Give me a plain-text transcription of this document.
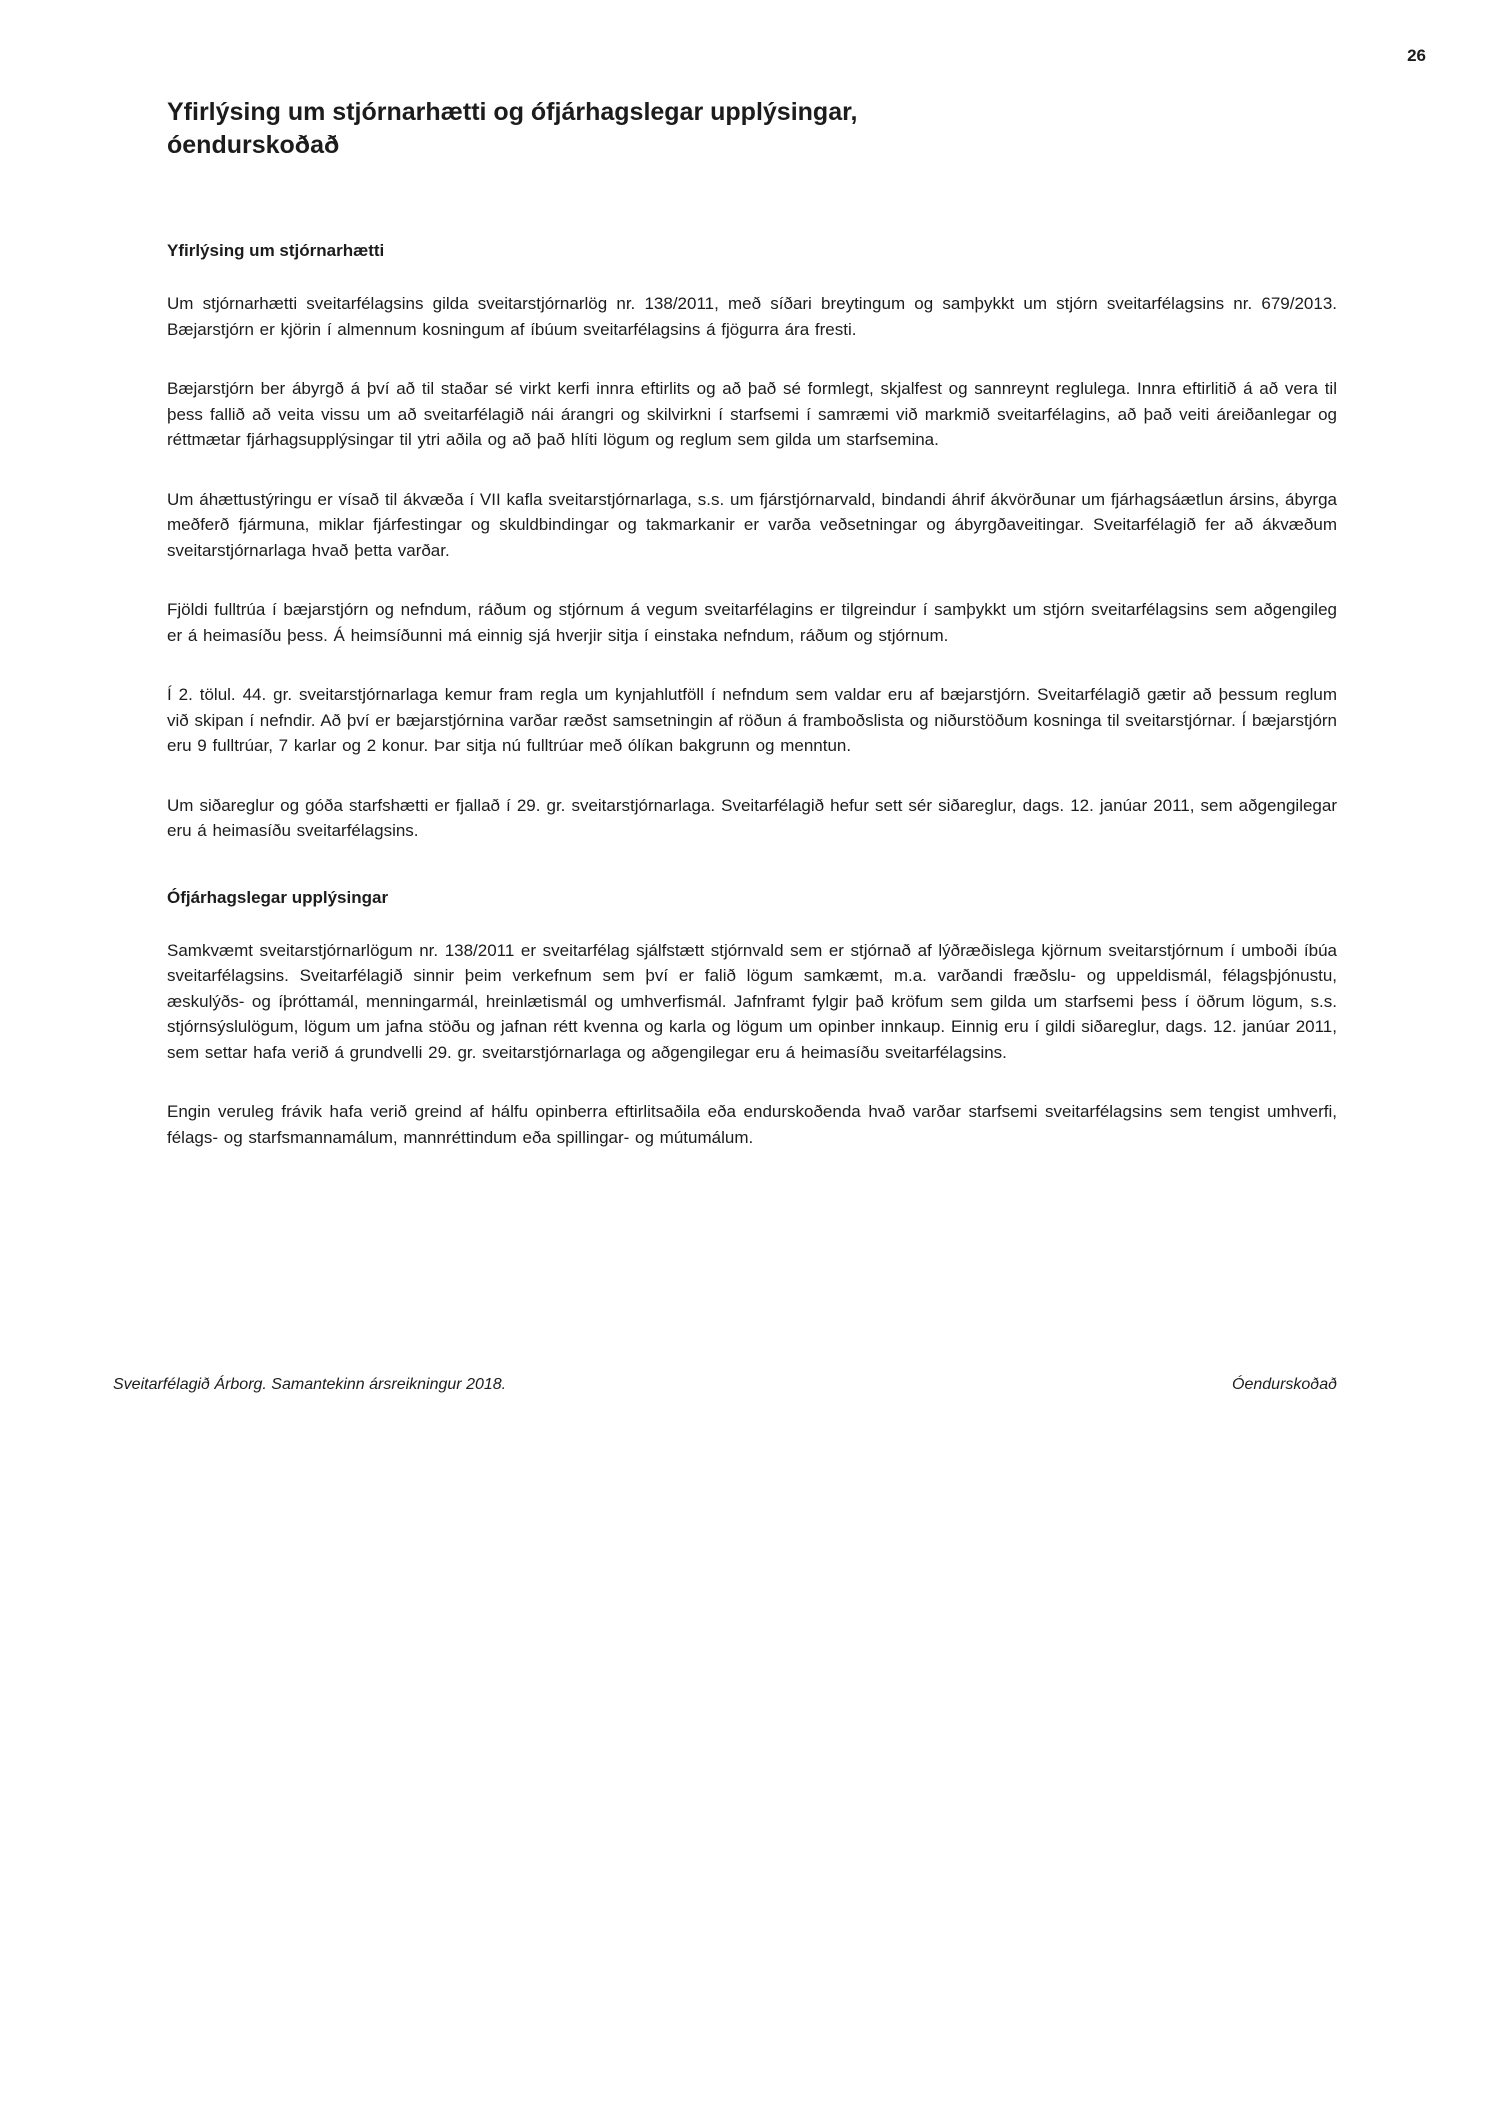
26
Yfirlýsing um stjórnarhætti og ófjárhagslegar upplýsingar, óendurskoðað
Yfirlýsing um stjórnarhætti

Um stjórnarhætti sveitarfélagsins gilda sveitarstjórnarlög nr. 138/2011, með síðari breytingum og samþykkt um stjórn sveitarfélagsins nr. 679/2013. Bæjarstjórn er kjörin í almennum kosningum af íbúum sveitarfélagsins á fjögurra ára fresti.

Bæjarstjórn ber ábyrgð á því að til staðar sé virkt kerfi innra eftirlits og að það sé formlegt, skjalfest og sannreynt reglulega. Innra eftirlitið á að vera til þess fallið að veita vissu um að sveitarfélagið nái árangri og skilvirkni í starfsemi í samræmi við markmið sveitarfélagins, að það veiti áreiðanlegar og réttmætar fjárhagsupplýsingar til ytri aðila og að það hlíti lögum og reglum sem gilda um starfsemina.

Um áhættustýringu er vísað til ákvæða í VII kafla sveitarstjórnarlaga, s.s. um fjárstjórnarvald, bindandi áhrif ákvörðunar um fjárhagsáætlun ársins, ábyrga meðferð fjármuna, miklar fjárfestingar og skuldbindingar og takmarkanir er varða veðsetningar og ábyrgðaveitingar. Sveitarfélagið fer að ákvæðum sveitarstjórnarlaga hvað þetta varðar.

Fjöldi fulltrúa í bæjarstjórn og nefndum, ráðum og stjórnum á vegum sveitarfélagins er tilgreindur í samþykkt um stjórn sveitarfélagsins sem aðgengileg er á heimasíðu þess. Á heimsíðunni má einnig sjá hverjir sitja í einstaka nefndum, ráðum og stjórnum.

Í 2. tölul. 44. gr. sveitarstjórnarlaga kemur fram regla um kynjahlutföll í nefndum sem valdar eru af bæjarstjórn. Sveitarfélagið gætir að þessum reglum við skipan í nefndir. Að því er bæjarstjórnina varðar ræðst samsetningin af röðun á framboðslista og niðurstöðum kosninga til sveitarstjórnar. Í bæjarstjórn eru 9 fulltrúar, 7 karlar og 2 konur. Þar sitja nú fulltrúar með ólíkan bakgrunn og menntun.

Um siðareglur og góða starfshætti er fjallað í 29. gr. sveitarstjórnarlaga. Sveitarfélagið hefur sett sér siðareglur, dags. 12. janúar 2011, sem aðgengilegar eru á heimasíðu sveitarfélagsins.

Ófjárhagslegar upplýsingar

Samkvæmt sveitarstjórnarlögum nr. 138/2011 er sveitarfélag sjálfstætt stjórnvald sem er stjórnað af lýðræðislega kjörnum sveitarstjórnum í umboði íbúa sveitarfélagsins. Sveitarfélagið sinnir þeim verkefnum sem því er falið lögum samkæmt, m.a. varðandi fræðslu- og uppeldismál, félagsþjónustu, æskulýðs- og íþróttamál, menningarmál, hreinlætismál og umhverfismál. Jafnframt fylgir það kröfum sem gilda um starfsemi þess í öðrum lögum, s.s. stjórnsýslulögum, lögum um jafna stöðu og jafnan rétt kvenna og karla og lögum um opinber innkaup. Einnig eru í gildi siðareglur, dags. 12. janúar 2011, sem settar hafa verið á grundvelli 29. gr. sveitarstjórnarlaga og aðgengilegar eru á heimasíðu sveitarfélagsins.

Engin veruleg frávik hafa verið greind af hálfu opinberra eftirlitsaðila eða endurskoðenda hvað varðar starfsemi sveitarfélagsins sem tengist umhverfi, félags- og starfsmannamálum, mannréttindum eða spillingar- og mútumálum.

Sveitarfélagið Árborg. Samantekinn ársreikningur 2018.	Óendurskoðað
